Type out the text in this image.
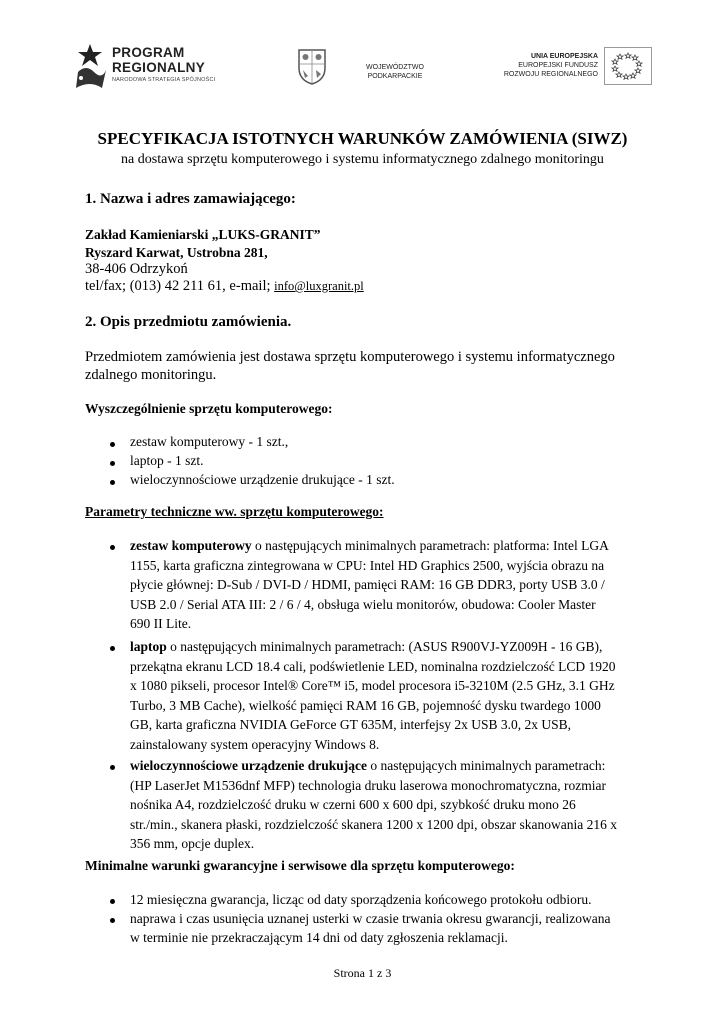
PROGRAM
REGIONALNY
NARODOWA STRATEGIA SPÓJNOŚCI
WOJEWÓDZTWO
PODKARPACKIE
UNIA EUROPEJSKA
EUROPEJSKI FUNDUSZ
ROZWOJU REGIONALNEGO
SPECYFIKACJA ISTOTNYCH WARUNKÓW ZAMÓWIENIA (SIWZ)
na dostawa sprzętu komputerowego i systemu informatycznego zdalnego monitoringu
1. Nazwa i adres zamawiającego:
Zakład Kamieniarski „LUKS-GRANIT”
Ryszard Karwat, Ustrobna 281,
38-406 Odrzykoń
tel/fax; (013) 42 211 61, e-mail; info@luxgranit.pl
2. Opis przedmiotu zamówienia.
Przedmiotem zamówienia jest dostawa sprzętu komputerowego i systemu informatycznego
zdalnego monitoringu.
Wyszczególnienie sprzętu komputerowego:
zestaw komputerowy - 1 szt.,
laptop - 1 szt.
wieloczynnościowe urządzenie drukujące - 1 szt.
Parametry techniczne ww. sprzętu komputerowego:
zestaw komputerowy o następujących minimalnych parametrach: platforma: Intel LGA
1155, karta graficzna zintegrowana w CPU: Intel HD Graphics 2500, wyjścia obrazu na
płycie głównej: D-Sub / DVI-D / HDMI, pamięci RAM: 16 GB DDR3, porty USB 3.0 /
USB 2.0 / Serial ATA III: 2 / 6 / 4, obsługa wielu monitorów, obudowa: Cooler Master
690 II Lite.
laptop o następujących minimalnych parametrach: (ASUS R900VJ-YZ009H - 16 GB),
przekątna ekranu LCD 18.4 cali, podświetlenie LED, nominalna rozdzielczość LCD 1920
x 1080 pikseli, procesor Intel® Core™ i5, model procesora i5-3210M (2.5 GHz, 3.1 GHz
Turbo, 3 MB Cache), wielkość pamięci RAM 16 GB, pojemność dysku twardego 1000
GB, karta graficzna NVIDIA GeForce GT 635M, interfejsy 2x USB 3.0, 2x USB,
zainstalowany system operacyjny Windows 8.
wieloczynnościowe urządzenie drukujące o następujących minimalnych parametrach:
(HP LaserJet M1536dnf MFP) technologia druku laserowa monochromatyczna, rozmiar
nośnika A4, rozdzielczość druku w czerni 600 x 600 dpi, szybkość druku mono 26
str./min., skanera płaski, rozdzielczość skanera 1200 x 1200 dpi, obszar skanowania 216 x
356 mm, opcje duplex.
Minimalne warunki gwarancyjne i serwisowe dla sprzętu komputerowego:
12 miesięczna gwarancja, licząc od daty sporządzenia końcowego protokołu odbioru.
naprawa i czas usunięcia uznanej usterki w czasie trwania okresu gwarancji, realizowana
w terminie nie przekraczającym 14 dni od daty zgłoszenia reklamacji.
Strona 1 z 3
